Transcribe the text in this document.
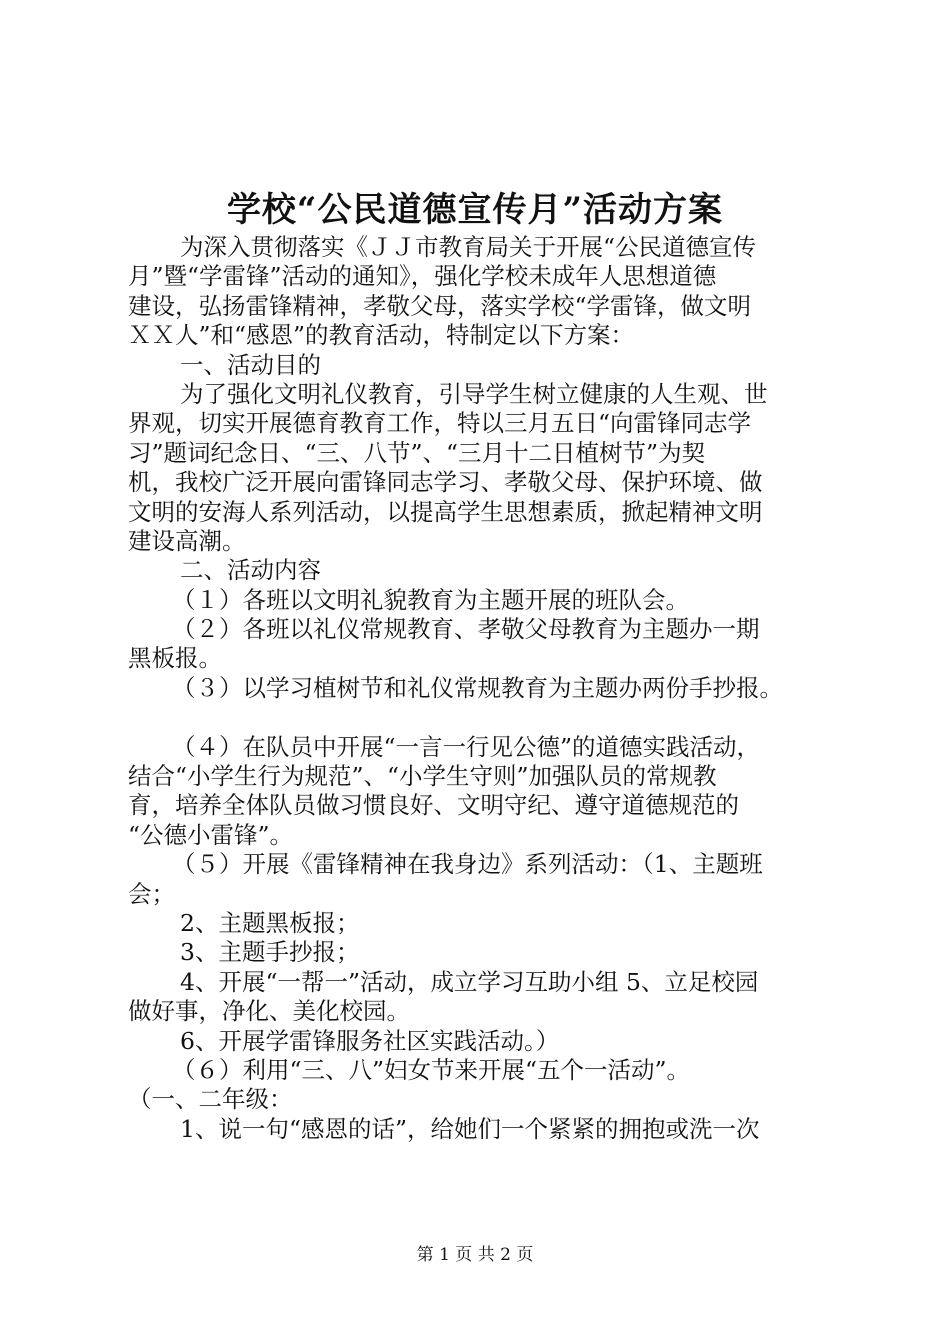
学校“公民道德宣传月”活动方案
为深入贯彻落实《ＪＪ市教育局关于开展“公民道德宣传
月”暨“学雷锋”活动的通知》，强化学校未成年人思想道德
建设，弘扬雷锋精神，孝敬父母，落实学校“学雷锋，做文明
ＸＸ人”和“感恩”的教育活动，特制定以下方案：
一、活动目的
为了强化文明礼仪教育，引导学生树立健康的人生观、世
界观，切实开展德育教育工作，特以三月五日“向雷锋同志学
习”题词纪念日、“三、八节”、“三月十二日植树节”为契
机，我校广泛开展向雷锋同志学习、孝敬父母、保护环境、做
文明的安海人系列活动，以提高学生思想素质，掀起精神文明
建设高潮。
二、活动内容
（１）各班以文明礼貌教育为主题开展的班队会。
（２）各班以礼仪常规教育、孝敬父母教育为主题办一期
黑板报。
（３）以学习植树节和礼仪常规教育为主题办两份手抄报。
（４）在队员中开展“一言一行见公德”的道德实践活动，
结合“小学生行为规范”、“小学生守则”加强队员的常规教
育，培养全体队员做习惯良好、文明守纪、遵守道德规范的
“公德小雷锋”。
（５）开展《雷锋精神在我身边》系列活动：（1、主题班
会；
2、主题黑板报；
3、主题手抄报；
4、开展“一帮一”活动，成立学习互助小组 5、立足校园
做好事，净化、美化校园。
6、开展学雷锋服务社区实践活动。）
（６）利用“三、八”妇女节来开展“五个一活动”。
（一、二年级：
1、说一句“感恩的话”，给她们一个紧紧的拥抱或洗一次
第 1 页 共 2 页
